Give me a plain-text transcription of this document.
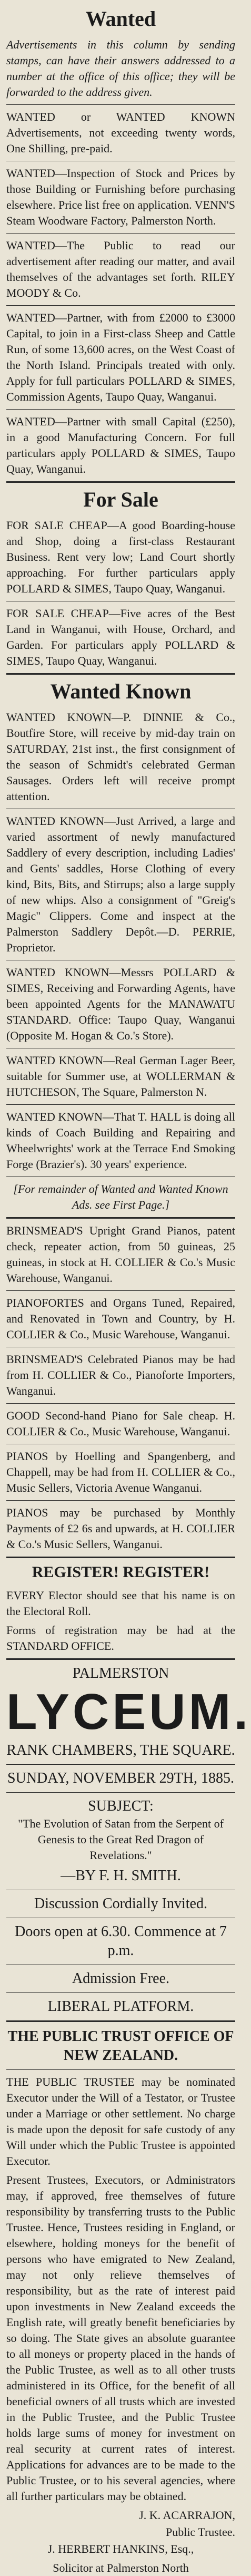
Wanted

Advertisements in this column by sending stamps, can have their answers addressed to a number at the office of this office; they will be forwarded to the address given.

WANTED or WANTED KNOWN Advertisements, not exceeding twenty words, One Shilling, pre-paid.

WANTED—Inspection of Stock and Prices by those Building or Furnishing before purchasing elsewhere. Price list free on application. VENN'S Steam Woodware Factory, Palmerston North.

WANTED—The Public to read our advertisement after reading our matter, and avail themselves of the advantages set forth. RILEY MOODY & Co.

WANTED—Partner, with from £2000 to £3000 Capital, to join in a First-class Sheep and Cattle Run, of some 13,600 acres, on the West Coast of the North Island. Principals treated with only. Apply for full particulars POLLARD & SIMES, Commission Agents, Taupo Quay, Wanganui.

WANTED—Partner with small Capital (£250), in a good Manufacturing Concern. For full particulars apply POLLARD & SIMES, Taupo Quay, Wanganui.

For Sale

FOR SALE CHEAP—A good Boarding-house and Shop, doing a first-class Restaurant Business. Rent very low; Land Court shortly approaching. For further particulars apply POLLARD & SIMES, Taupo Quay, Wanganui.

FOR SALE CHEAP—Five acres of the Best Land in Wanganui, with House, Orchard, and Garden. For particulars apply POLLARD & SIMES, Taupo Quay, Wanganui.

Wanted Known

WANTED KNOWN—P. DINNIE & Co., Boutfire Store, will receive by mid-day train on SATURDAY, 21st inst., the first consignment of the season of Schmidt's celebrated German Sausages. Orders left will receive prompt attention.

WANTED KNOWN—Just Arrived, a large and varied assortment of newly manufactured Saddlery of every description, including Ladies' and Gents' saddles, Horse Clothing of every kind, Bits, Bits, and Stirrups; also a large supply of new whips. Also a consignment of "Greig's Magic" Clippers. Come and inspect at the Palmerston Saddlery Depôt.—D. PERRIE, Proprietor.

WANTED KNOWN—Messrs POLLARD & SIMES, Receiving and Forwarding Agents, have been appointed Agents for the MANAWATU STANDARD. Office: Taupo Quay, Wanganui (Opposite M. Hogan & Co.'s Store).

WANTED KNOWN—Real German Lager Beer, suitable for Summer use, at WOLLERMAN & HUTCHESON, The Square, Palmerston N.

WANTED KNOWN—That T. HALL is doing all kinds of Coach Building and Repairing and Wheelwrights' work at the Terrace End Smoking Forge (Brazier's). 30 years' experience.

[For remainder of Wanted and Wanted Known Ads. see First Page.]

BRINSMEAD'S Upright Grand Pianos, patent check, repeater action, from 50 guineas, 25 guineas, in stock at H. COLLIER & Co.'s Music Warehouse, Wanganui.

PIANOFORTES and Organs Tuned, Repaired, and Renovated in Town and Country, by H. COLLIER & Co., Music Warehouse, Wanganui.

BRINSMEAD'S Celebrated Pianos may be had from H. COLLIER & Co., Pianoforte Importers, Wanganui.

GOOD Second-hand Piano for Sale cheap. H. COLLIER & Co., Music Warehouse, Wanganui.

PIANOS by Hoelling and Spangenberg, and Chappell, may be had from H. COLLIER & Co., Music Sellers, Victoria Avenue Wanganui.

PIANOS may be purchased by Monthly Payments of £2 6s and upwards, at H. COLLIER & Co.'s Music Sellers, Wanganui.

REGISTER! REGISTER!

EVERY Elector should see that his name is on the Electoral Roll.

Forms of registration may be had at the STANDARD OFFICE.

PALMERSTON

LYCEUM.

RANK CHAMBERS, THE SQUARE.

SUNDAY, NOVEMBER 29TH, 1885.

SUBJECT:

"The Evolution of Satan from the Serpent of Genesis to the Great Red Dragon of Revelations."

—BY F. H. SMITH.

Discussion Cordially Invited.

Doors open at 6.30. Commence at 7 p.m.

Admission Free.

LIBERAL PLATFORM.

THE PUBLIC TRUST OFFICE OF NEW ZEALAND.

THE PUBLIC TRUSTEE may be nominated Executor under the Will of a Testator, or Trustee under a Marriage or other settlement. No charge is made upon the deposit for safe custody of any Will under which the Public Trustee is appointed Executor.

Present Trustees, Executors, or Administrators may, if approved, free themselves of future responsibility by transferring trusts to the Public Trustee. Hence, Trustees residing in England, or elsewhere, holding moneys for the benefit of persons who have emigrated to New Zealand, may not only relieve themselves of responsibility, but as the rate of interest paid upon investments in New Zealand exceeds the English rate, will greatly benefit beneficiaries by so doing. The State gives an absolute guarantee to all moneys or property placed in the hands of the Public Trustee, as well as to all other trusts administered in its Office, for the benefit of all beneficial owners of all trusts which are invested in the Public Trustee, and the Public Trustee holds large sums of money for investment on real security at current rates of interest. Applications for advances are to be made to the Public Trustee, or to his several agencies, where all further particulars may be obtained.

J. K. ACARRAJON,

Public Trustee.

J. HERBERT HANKINS, Esq.,

Solicitor at Palmerston North
